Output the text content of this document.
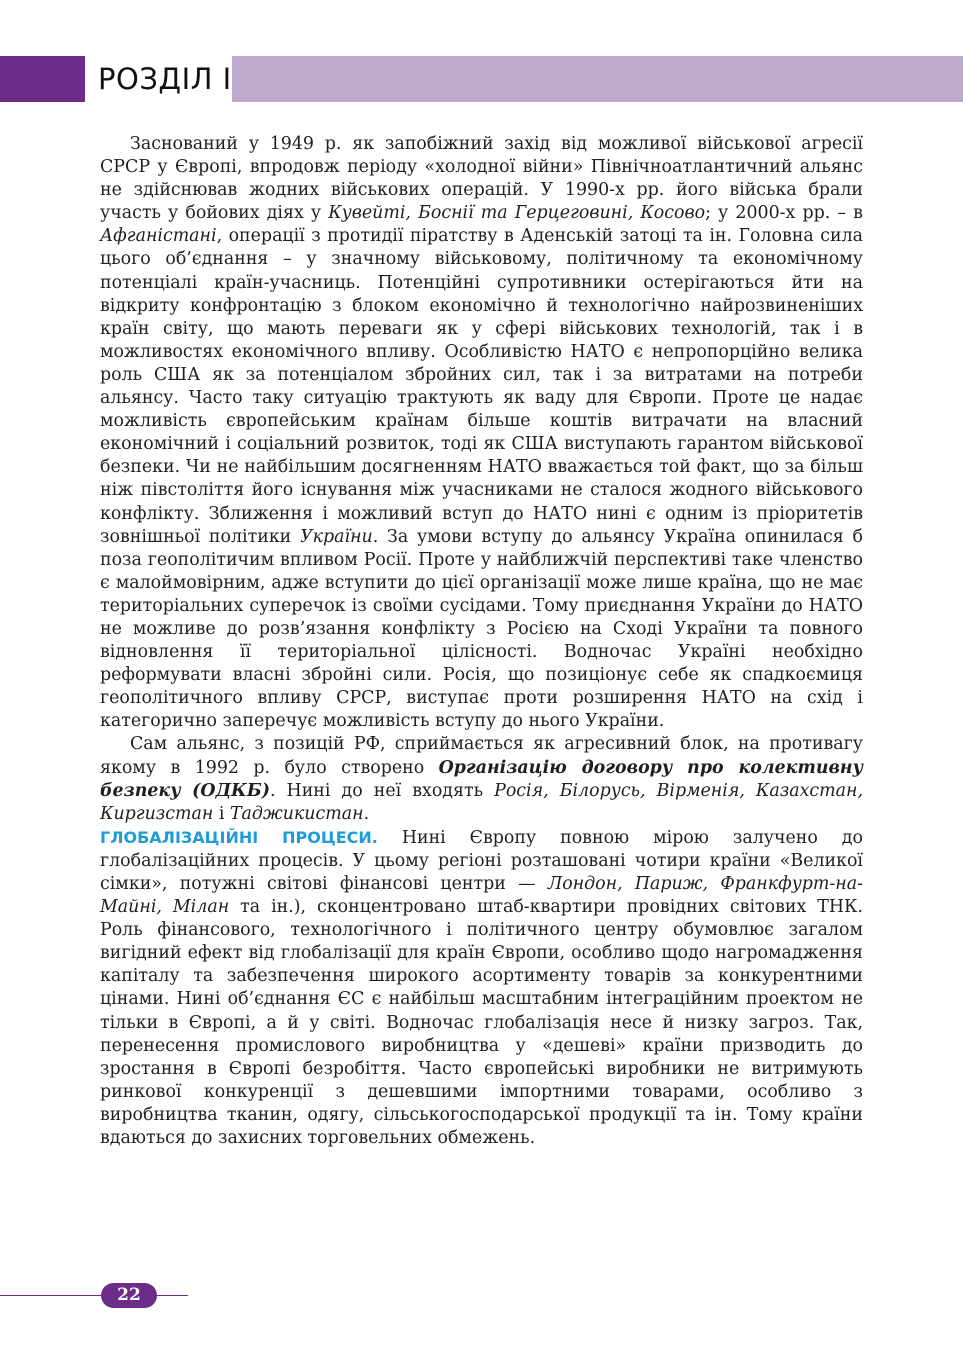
РОЗДІЛ I

Заснований у 1949 р. як запобіжний захід від можливої військової агресії СРСР у Європі, впродовж періоду «холодної війни» Північноатлантичний альянс не здійснював жодних військових операцій. У 1990-х рр. його війська брали участь у бойових діях у Кувейті, Боснії та Герцеговині, Косово; у 2000-х рр. – в Афганістані, операції з протидії піратству в Аденській затоці та ін. Головна сила цього об’єднання – у значному військовому, політичному та економічному потенціалі країн-учасниць. Потенційні супротивники остерігаються йти на відкриту конфронтацію з блоком економічно й технологічно найрозвиненіших країн світу, що мають переваги як у сфері військових технологій, так і в можливостях економічного впливу. Особливістю НАТО є непропорційно велика роль США як за потенціалом збройних сил, так і за витратами на потреби альянсу. Часто таку ситуацію трактують як ваду для Європи. Проте це надає можливість європейським країнам більше коштів витрачати на власний економічний і соціальний розвиток, тоді як США виступають гарантом військової безпеки. Чи не найбільшим досягненням НАТО вважається той факт, що за більш ніж півстоліття його існування між учасниками не сталося жодного військового конфлікту. Зближення і можливий вступ до НАТО нині є одним із пріоритетів зовнішньої політики України. За умови вступу до альянсу Україна опинилася б поза геополітичим впливом Росії. Проте у найближчій перспективі таке членство є малоймовірним, адже вступити до цієї організації може лише країна, що не має територіальних суперечок із своїми сусідами. Тому приєднання України до НАТО не можливе до розв’язання конфлікту з Росією на Сході України та повного відновлення її територіальної цілісності. Водночас Україні необхідно реформувати власні збройні сили. Росія, що позиціонує себе як спадкоємиця геополітичного впливу СРСР, виступає проти розширення НАТО на схід і категорично заперечує можливість вступу до нього України.

Сам альянс, з позицій РФ, сприймається як агресивний блок, на противагу якому в 1992 р. було створено Організацію договору про колективну безпеку (ОДКБ). Нині до неї входять Росія, Білорусь, Вірменія, Казахстан, Киргизстан і Таджикистан.

ГЛОБАЛІЗАЦІЙНІ ПРОЦЕСИ. Нині Європу повною мірою залучено до глобалізаційних процесів. У цьому регіоні розташовані чотири країни «Великої сімки», потужні світові фінансові центри — Лондон, Париж, Франкфурт-на-Майні, Мілан та ін.), сконцентровано штаб-квартири провідних світових ТНК. Роль фінансового, технологічного і політичного центру обумовлює загалом вигідний ефект від глобалізації для країн Європи, особливо щодо нагромадження капіталу та забезпечення широкого асортименту товарів за конкурентними цінами. Нині об’єднання ЄС є найбільш масштабним інтеграційним проектом не тільки в Європі, а й у світі. Водночас глобалізація несе й низку загроз. Так, перенесення промислового виробництва у «дешеві» країни призводить до зростання в Європі безробіття. Часто європейські виробники не витримують ринкової конкуренції з дешевшими імпортними товарами, особливо з виробництва тканин, одягу, сільськогосподарської продукції та ін. Тому країни вдаються до захисних торговельних обмежень.

22
